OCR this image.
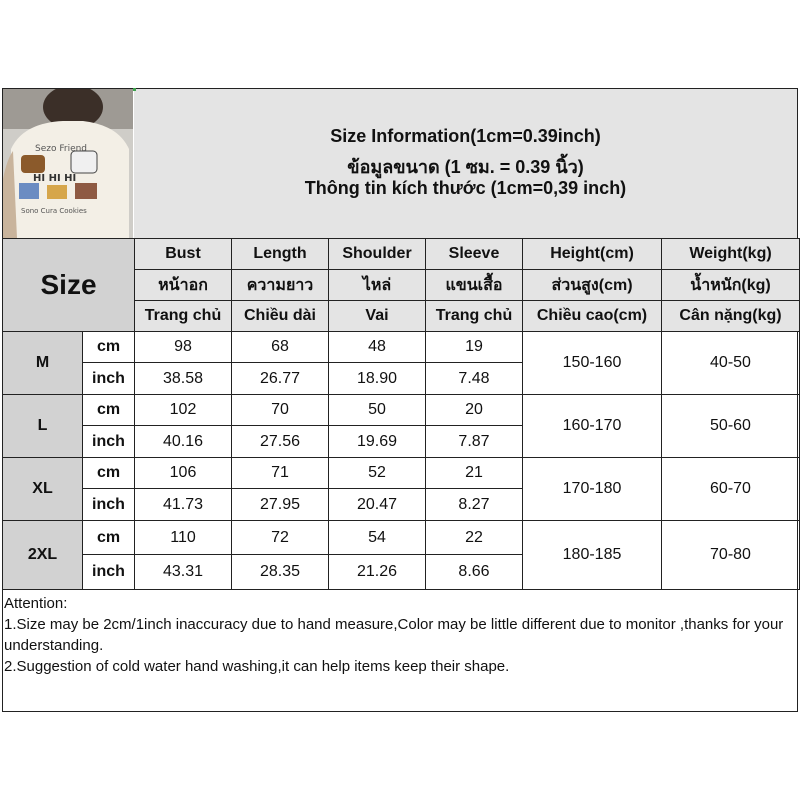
Sezo Friend
HI HI HI
Sono Cura Cookies
Size Information(1cm=0.39inch)
ข้อมูลขนาด (1 ซม. = 0.39 นิ้ว)
Thông tin kích thước (1cm=0,39 inch)
Size		Bust	Length	Shoulder	Sleeve	Height(cm)	Weight(kg)
		หน้าอก	ความยาว	ไหล่	แขนเสื้อ	ส่วนสูง(cm)	น้ำหนัก(kg)
		Trang chủ	Chiều dài	Vai	Trang chủ	Chiều cao(cm)	Cân nặng(kg)
M	cm	98	68	48	19	150-160	40-50
	inch	38.58	26.77	18.90	7.48		
L	cm	102	70	50	20	160-170	50-60
	inch	40.16	27.56	19.69	7.87		
XL	cm	106	71	52	21	170-180	60-70
	inch	41.73	27.95	20.47	8.27		
2XL	cm	110	72	54	22	180-185	70-80
	inch	43.31	28.35	21.26	8.66		
Attention:
1.Size may be 2cm/1inch inaccuracy due to hand measure,Color may be little different due to monitor ,thanks for your understanding.
2.Suggestion of cold water hand washing,it can help items keep their shape.
